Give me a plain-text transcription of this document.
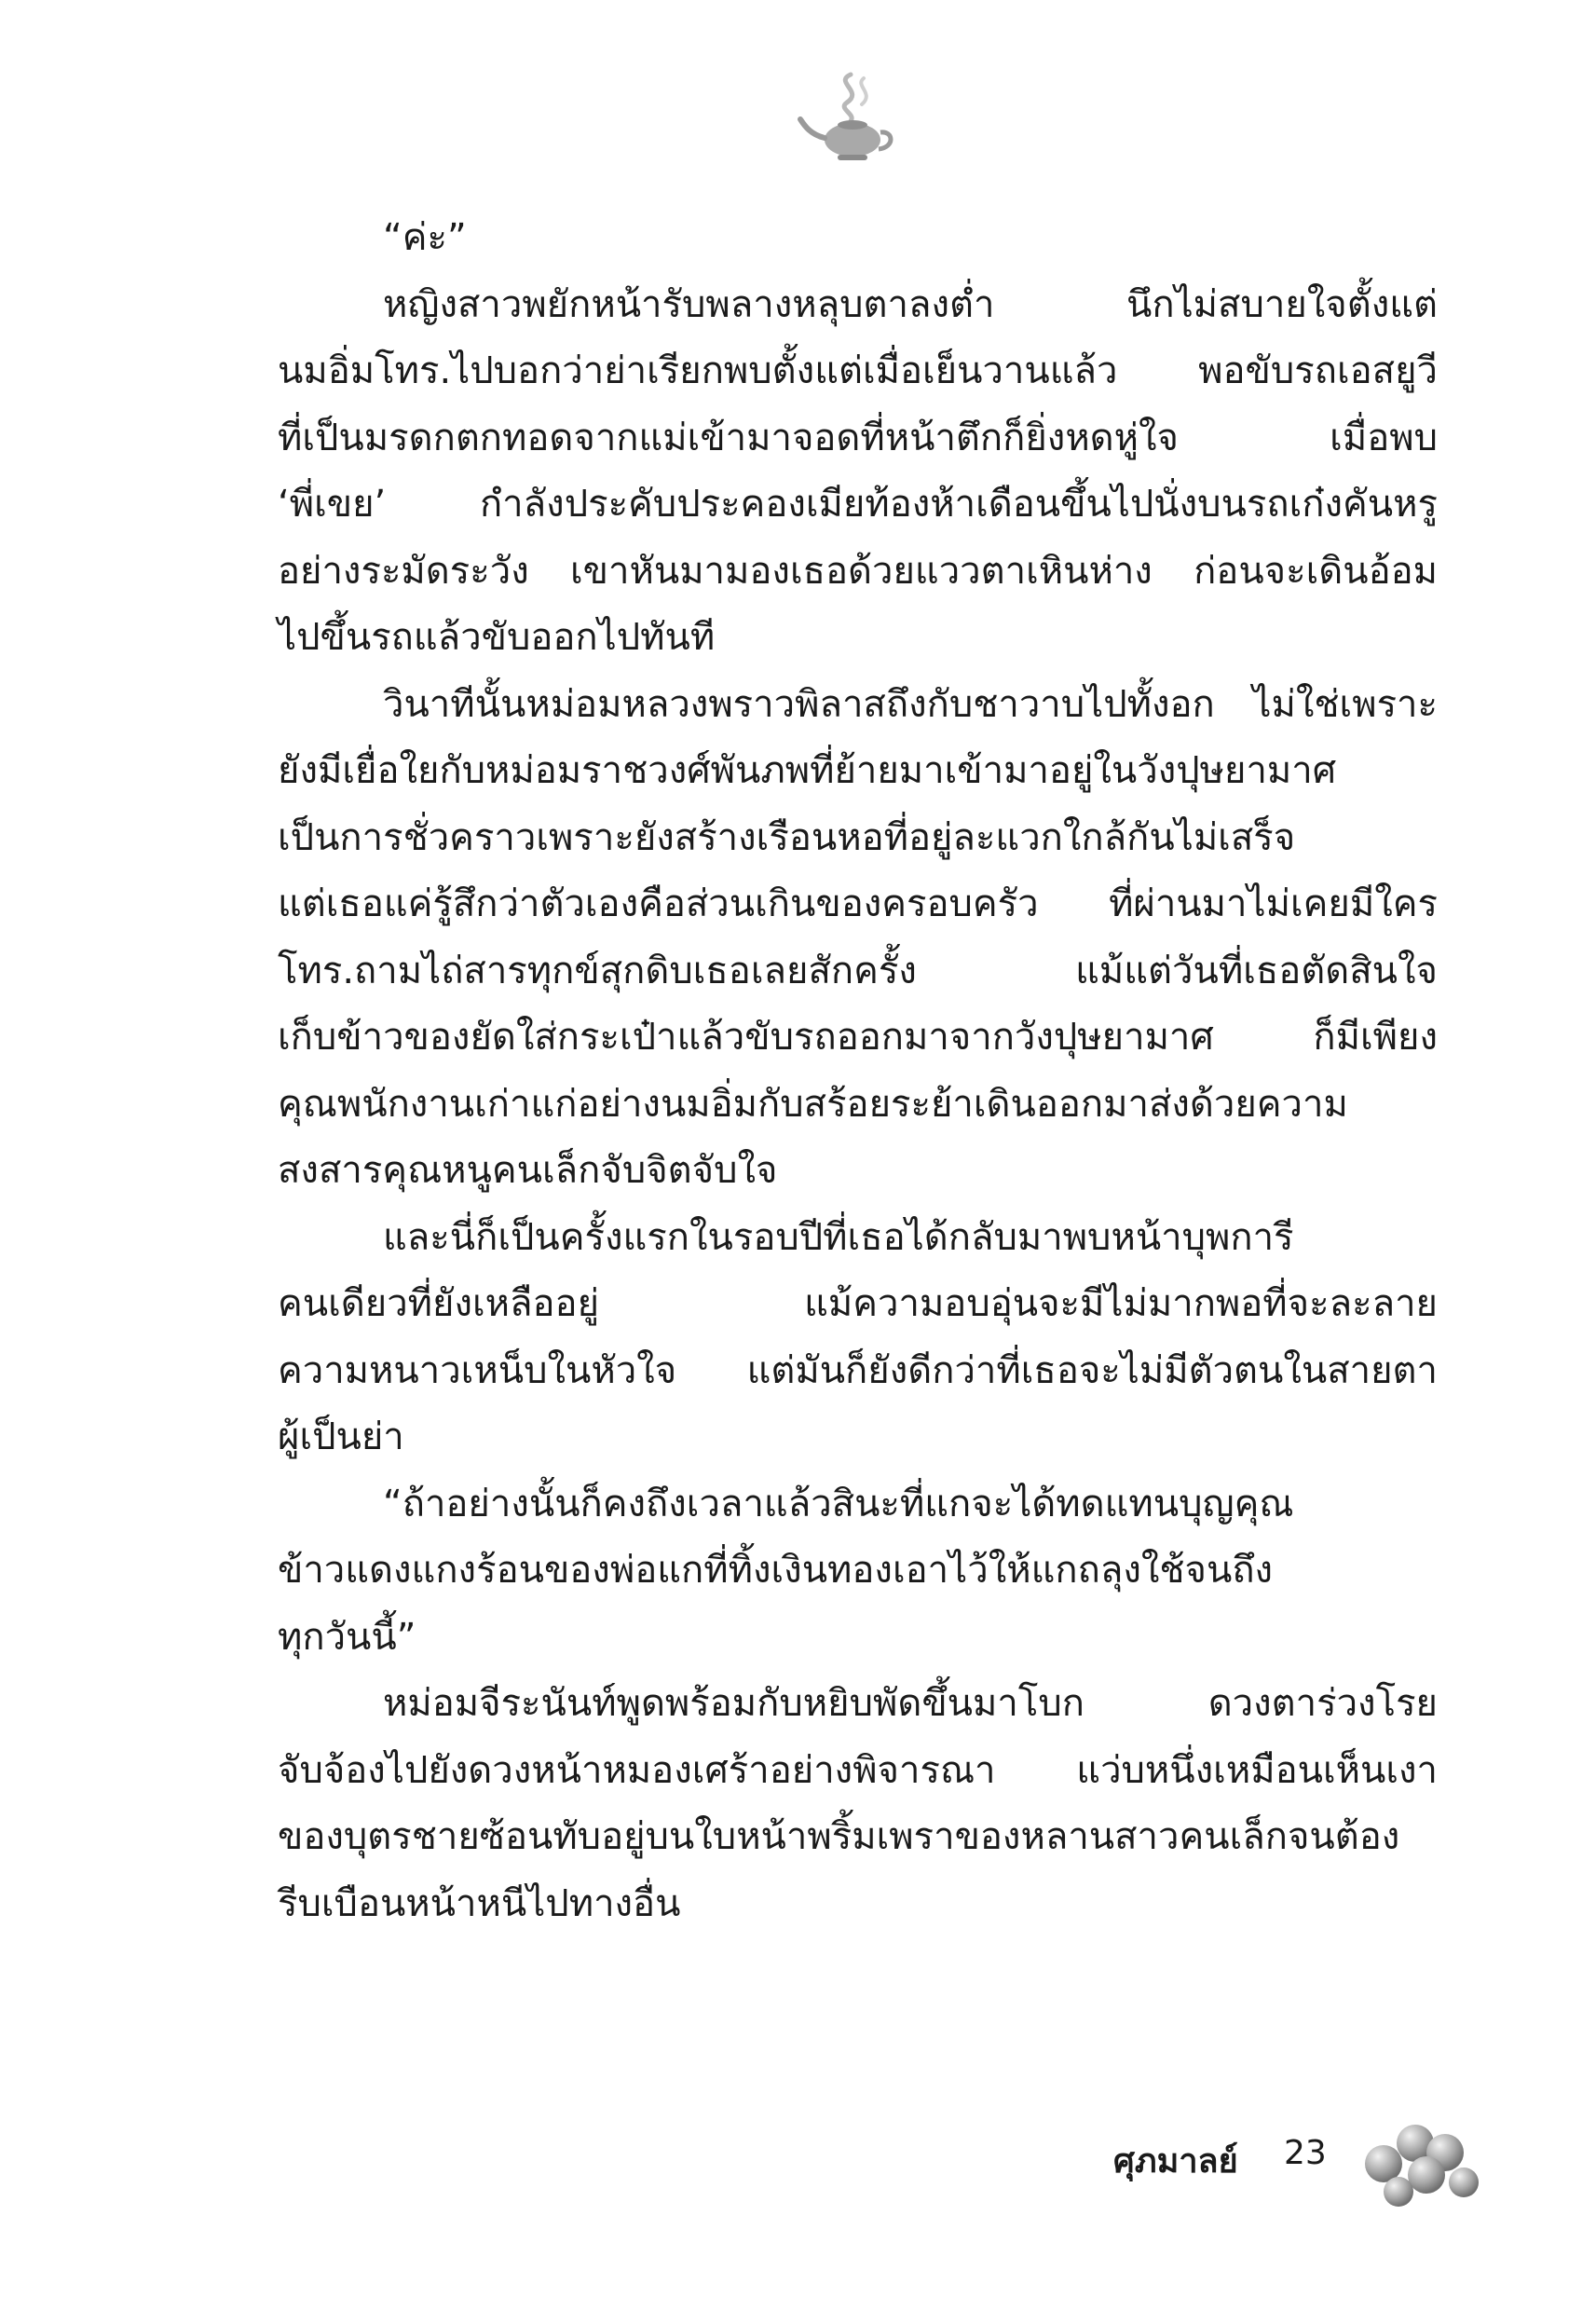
“ค่ะ”
หญิงสาวพยักหน้ารับพลางหลุบตาลงต่ำ นึกไม่สบายใจตั้งแต่
นมอิ่มโทร.ไปบอกว่าย่าเรียกพบตั้งแต่เมื่อเย็นวานแล้ว พอขับรถเอสยูวี
ที่เป็นมรดกตกทอดจากแม่เข้ามาจอดที่หน้าตึกก็ยิ่งหดหู่ใจ เมื่อพบ
‘พี่เขย’ กำลังประคับประคองเมียท้องห้าเดือนขึ้นไปนั่งบนรถเก๋งคันหรู
อย่างระมัดระวัง เขาหันมามองเธอด้วยแววตาเหินห่าง ก่อนจะเดินอ้อม
ไปขึ้นรถแล้วขับออกไปทันที
วินาทีนั้นหม่อมหลวงพราวพิลาสถึงกับชาวาบไปทั้งอก ไม่ใช่เพราะ
ยังมีเยื่อใยกับหม่อมราชวงศ์พันภพที่ย้ายมาเข้ามาอยู่ในวังปุษยามาศ
เป็นการชั่วคราวเพราะยังสร้างเรือนหอที่อยู่ละแวกใกล้กันไม่เสร็จ
แต่เธอแค่รู้สึกว่าตัวเองคือส่วนเกินของครอบครัว ที่ผ่านมาไม่เคยมีใคร
โทร.ถามไถ่สารทุกข์สุกดิบเธอเลยสักครั้ง แม้แต่วันที่เธอตัดสินใจ
เก็บข้าวของยัดใส่กระเป๋าแล้วขับรถออกมาจากวังปุษยามาศ ก็มีเพียง
คุณพนักงานเก่าแก่อย่างนมอิ่มกับสร้อยระย้าเดินออกมาส่งด้วยความ
สงสารคุณหนูคนเล็กจับจิตจับใจ
และนี่ก็เป็นครั้งแรกในรอบปีที่เธอได้กลับมาพบหน้าบุพการี
คนเดียวที่ยังเหลืออยู่ แม้ความอบอุ่นจะมีไม่มากพอที่จะละลาย
ความหนาวเหน็บในหัวใจ แต่มันก็ยังดีกว่าที่เธอจะไม่มีตัวตนในสายตา
ผู้เป็นย่า
“ถ้าอย่างนั้นก็คงถึงเวลาแล้วสินะที่แกจะได้ทดแทนบุญคุณ
ข้าวแดงแกงร้อนของพ่อแกที่ทิ้งเงินทองเอาไว้ให้แกถลุงใช้จนถึง
ทุกวันนี้”
หม่อมจีระนันท์พูดพร้อมกับหยิบพัดขึ้นมาโบก ดวงตาร่วงโรย
จับจ้องไปยังดวงหน้าหมองเศร้าอย่างพิจารณา แว่บหนึ่งเหมือนเห็นเงา
ของบุตรชายซ้อนทับอยู่บนใบหน้าพริ้มเพราของหลานสาวคนเล็กจนต้อง
รีบเบือนหน้าหนีไปทางอื่น
ศุภมาลย์ 23
